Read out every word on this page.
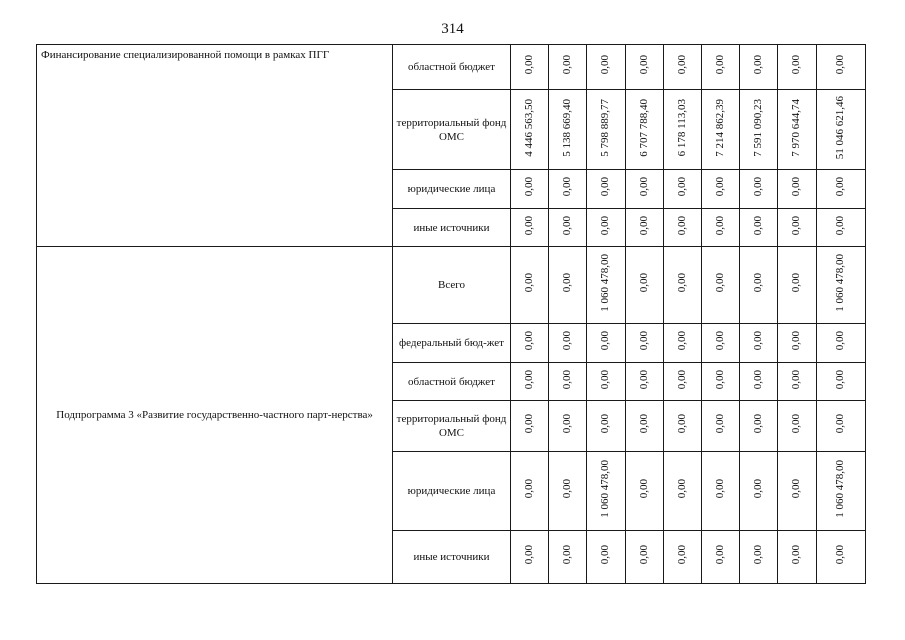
314
Финансирование специализированной помощи в рамках ПГГ	областной бюджет	0,00	0,00	0,00	0,00	0,00	0,00	0,00	0,00	0,00
	территориальный фонд ОМС	4 446 563,50	5 138 669,40	5 798 889,77	6 707 788,40	6 178 113,03	7 214 862,39	7 591 090,23	7 970 644,74	51 046 621,46
	юридические лица	0,00	0,00	0,00	0,00	0,00	0,00	0,00	0,00	0,00
	иные источники	0,00	0,00	0,00	0,00	0,00	0,00	0,00	0,00	0,00
Подпрограмма 3 «Развитие государственно-частного парт-нерства»	Всего	0,00	0,00	1 060 478,00	0,00	0,00	0,00	0,00	0,00	1 060 478,00
	федеральный бюд-жет	0,00	0,00	0,00	0,00	0,00	0,00	0,00	0,00	0,00
	областной бюджет	0,00	0,00	0,00	0,00	0,00	0,00	0,00	0,00	0,00
	территориальный фонд ОМС	0,00	0,00	0,00	0,00	0,00	0,00	0,00	0,00	0,00
	юридические лица	0,00	0,00	1 060 478,00	0,00	0,00	0,00	0,00	0,00	1 060 478,00
	иные источники	0,00	0,00	0,00	0,00	0,00	0,00	0,00	0,00	0,00
